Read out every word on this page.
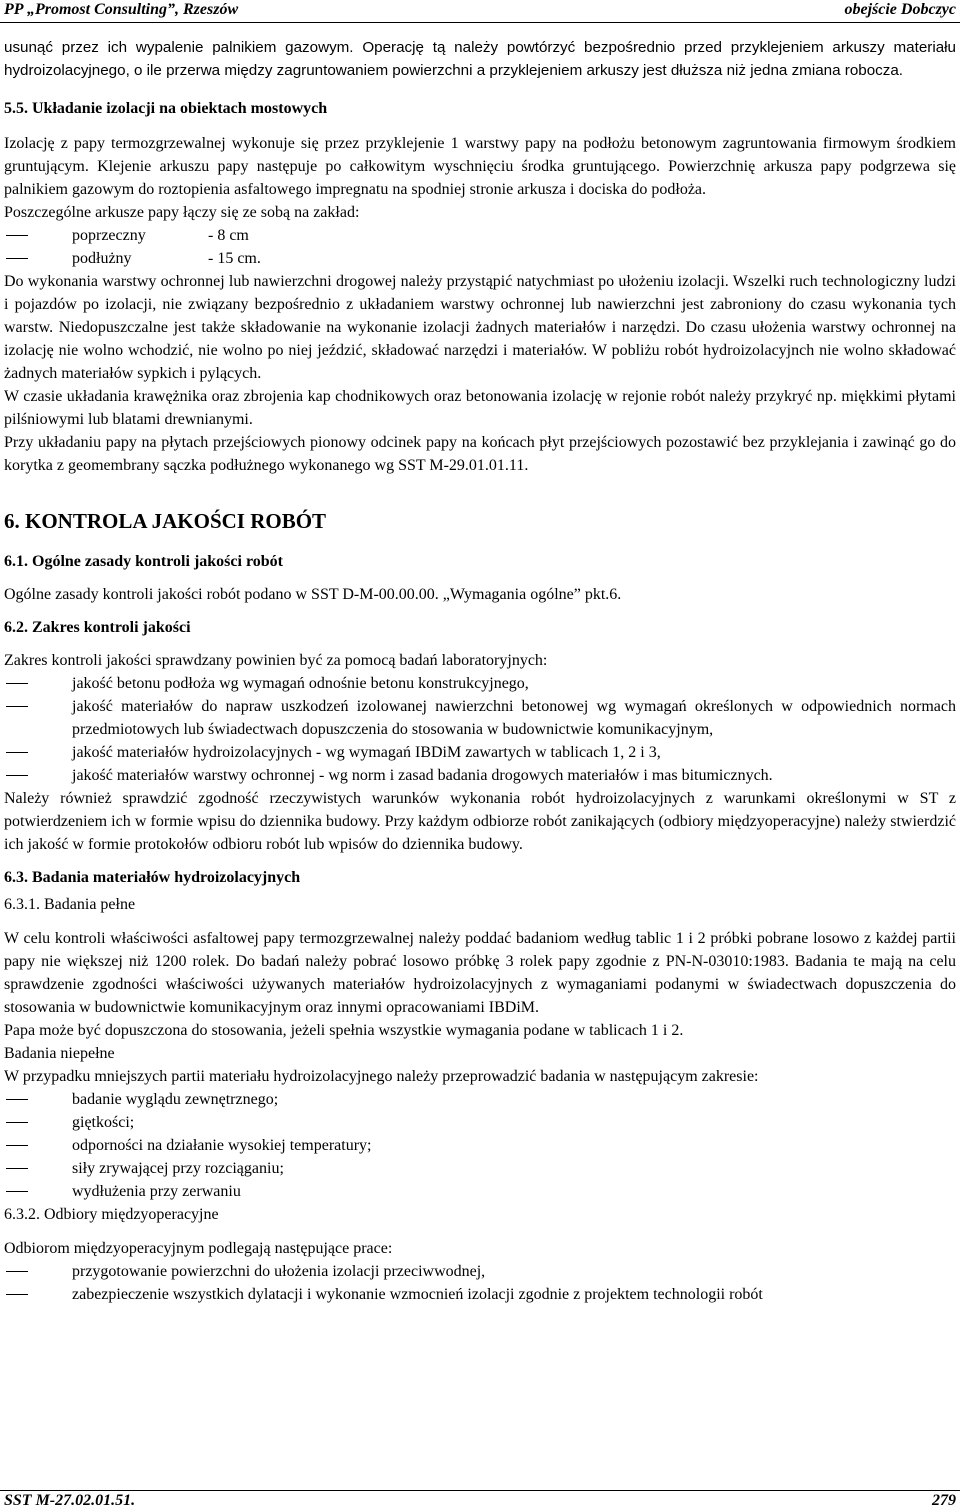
PP „Promost Consulting”, Rzeszów	obejście Dobczyc

usunąć przez ich wypalenie palnikiem gazowym. Operację tą należy powtórzyć bezpośrednio przed przyklejeniem arkuszy materiału hydroizolacyjnego, o ile przerwa między zagruntowaniem powierzchni a przyklejeniem arkuszy jest dłuższa niż jedna zmiana robocza.

5.5. Układanie izolacji na obiektach mostowych

Izolację z papy termozgrzewalnej wykonuje się przez przyklejenie 1 warstwy papy na podłożu betonowym zagruntowania firmowym środkiem gruntującym. Klejenie arkuszu papy następuje po całkowitym wyschnięciu środka gruntującego. Powierzchnię arkusza papy podgrzewa się palnikiem gazowym do roztopienia asfaltowego impregnatu na spodniej stronie arkusza i dociska do podłoża.

Poszczególne arkusze papy łączy się ze sobą na zakład:

poprzeczny	- 8 cm
podłużny	- 15 cm.

Do wykonania warstwy ochronnej lub nawierzchni drogowej należy przystąpić natychmiast po ułożeniu izolacji. Wszelki ruch technologiczny ludzi i pojazdów po izolacji, nie związany bezpośrednio z układaniem warstwy ochronnej lub nawierzchni jest zabroniony do czasu wykonania tych warstw. Niedopuszczalne jest także składowanie na wykonanie izolacji żadnych materiałów i narzędzi. Do czasu ułożenia warstwy ochronnej na izolację nie wolno wchodzić, nie wolno po niej jeździć, składować narzędzi i materiałów. W pobliżu robót hydroizolacyjnch nie wolno składować żadnych materiałów sypkich i pylących.

W czasie układania krawężnika oraz zbrojenia kap chodnikowych oraz betonowania izolację w rejonie robót należy przykryć np. miękkimi płytami pilśniowymi lub blatami drewnianymi.

Przy układaniu papy na płytach przejściowych pionowy odcinek papy na końcach płyt przejściowych pozostawić bez przyklejania i zawinąć go do korytka z geomembrany sączka podłużnego wykonanego wg SST M-29.01.01.11.

6. KONTROLA JAKOŚCI ROBÓT
6.1. Ogólne zasady kontroli jakości robót

Ogólne zasady kontroli jakości robót podano w SST D-M-00.00.00. „Wymagania ogólne” pkt.6.

6.2. Zakres kontroli jakości

Zakres kontroli jakości sprawdzany powinien być za pomocą badań laboratoryjnych:

jakość betonu podłoża wg wymagań odnośnie betonu konstrukcyjnego,
jakość materiałów do napraw uszkodzeń izolowanej nawierzchni betonowej wg wymagań określonych w odpowiednich normach przedmiotowych lub świadectwach dopuszczenia do stosowania w budownictwie komunikacyjnym,
jakość materiałów hydroizolacyjnych - wg wymagań IBDiM zawartych w tablicach 1, 2 i 3,
jakość materiałów warstwy ochronnej - wg norm i zasad badania drogowych materiałów i mas bitumicznych.

Należy również sprawdzić zgodność rzeczywistych warunków wykonania robót hydroizolacyjnych z warunkami określonymi w ST z potwierdzeniem ich w formie wpisu do dziennika budowy. Przy każdym odbiorze robót zanikających (odbiory międzyoperacyjne) należy stwierdzić ich jakość w formie protokołów odbioru robót lub wpisów do dziennika budowy.

6.3. Badania materiałów hydroizolacyjnych

6.3.1. Badania pełne

W celu kontroli właściwości asfaltowej papy termozgrzewalnej należy poddać badaniom według tablic 1 i 2 próbki pobrane losowo z każdej partii papy nie większej niż 1200 rolek. Do badań należy pobrać losowo próbkę 3 rolek papy zgodnie z PN-N-03010:1983. Badania te mają na celu sprawdzenie zgodności właściwości używanych materiałów hydroizolacyjnych z wymaganiami podanymi w świadectwach dopuszczenia do stosowania w budownictwie komunikacyjnym oraz innymi opracowaniami IBDiM.

Papa może być dopuszczona do stosowania, jeżeli spełnia wszystkie wymagania podane w tablicach 1 i 2.

Badania niepełne

W przypadku mniejszych partii materiału hydroizolacyjnego należy przeprowadzić badania w następującym zakresie:

badanie wyglądu zewnętrznego;
giętkości;
odporności na działanie wysokiej temperatury;
siły zrywającej przy rozciąganiu;
wydłużenia przy zerwaniu

6.3.2. Odbiory międzyoperacyjne

Odbiorom międzyoperacyjnym podlegają następujące prace:

przygotowanie powierzchni do ułożenia izolacji przeciwwodnej,
zabezpieczenie wszystkich dylatacji i wykonanie wzmocnień izolacji zgodnie z projektem technologii robót
SST M-27.02.01.51.	279
